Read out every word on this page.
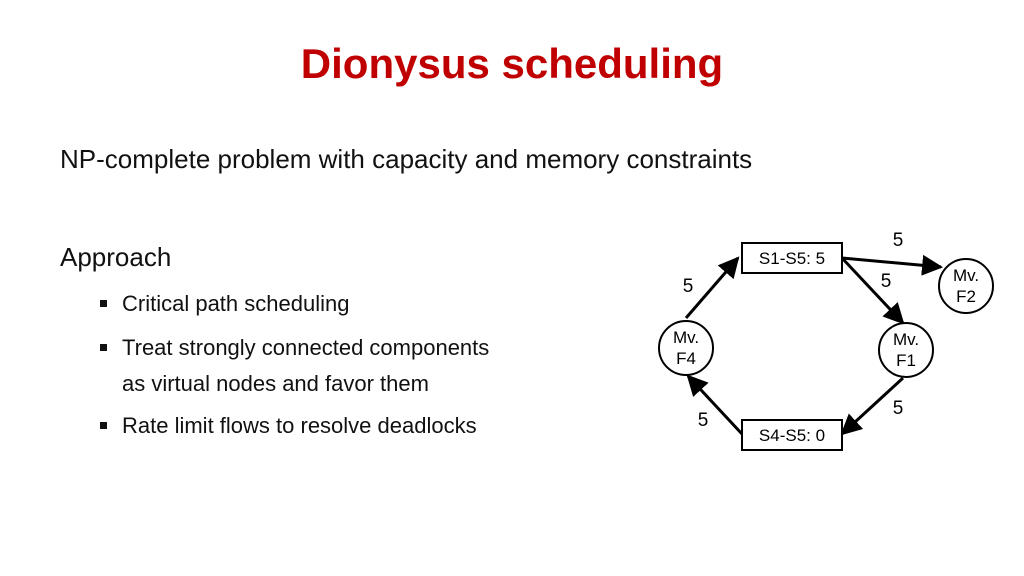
Dionysus scheduling
NP-complete problem with capacity and memory constraints
Approach
Critical path scheduling
Treat strongly connected components
as virtual nodes and favor them
Rate limit flows to resolve deadlocks
5
5
5
5
5
S1-S5: 5
S4-S5: 0
Mv.
F2
Mv.
F1
Mv.
F4
